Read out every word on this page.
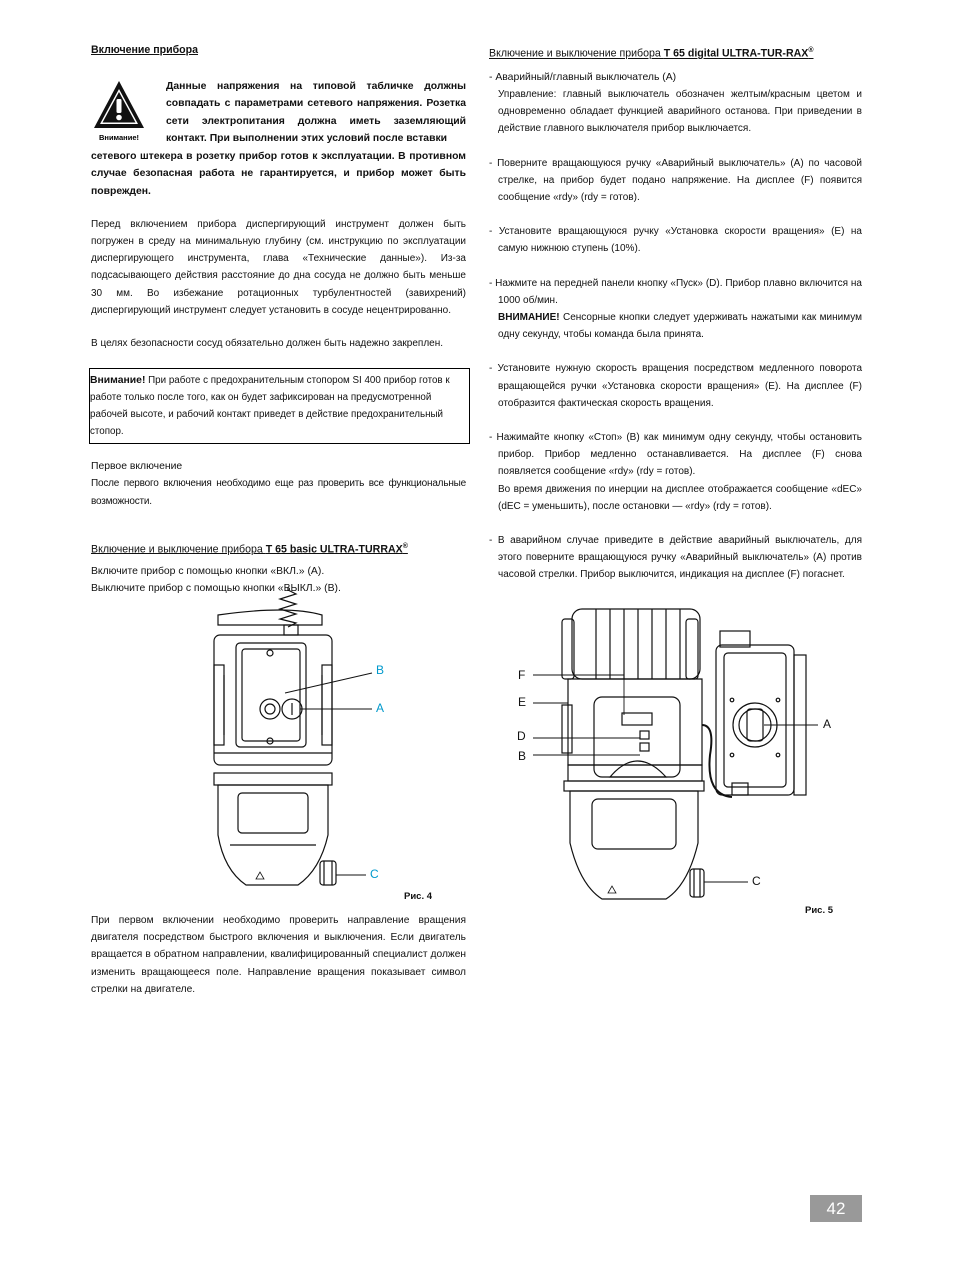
Включение прибора
Внимание!

Данные напряжения на типовой табличке должны совпадать с параметрами сетевого напряжения. Розетка сети электропитания должна иметь заземляющий контакт. При выполнении этих условий после вставки

сетевого штекера в розетку прибор готов к эксплуатации. В противном случае безопасная работа не гарантируется, и прибор может быть поврежден.

Перед включением прибора диспергирующий инструмент должен быть погружен в среду на минимальную глубину (см. инструкцию по эксплуатации диспергирующего инструмента, глава «Технические данные»). Из-за подсасывающего действия расстояние до дна сосуда не должно быть меньше 30 мм. Во избежание ротационных турбулентностей (завихрений) диспергирующий инструмент следует установить в сосуде нецентрированно.

В целях безопасности сосуд обязательно должен быть надежно закреплен.

Внимание! При работе с предохранительным стопором SI 400 прибор готов к работе только после того, как он будет зафиксирован на предусмотренной рабочей высоте, и рабочий контакт приведет в действие предохранительный стопор.
Первое включение

После первого включения необходимо еще раз проверить все функциональные возможности.

Включение и выключение прибора T 65 basic ULTRA-TURRAX®
Включите прибор с помощью кнопки «ВКЛ.» (A).
Выключите прибор с помощью кнопки «ВЫКЛ.» (B).
B
A
C
Рис. 4

При первом включении необходимо проверить направление вращения двигателя посредством быстрого включения и выключения. Если двигатель вращается в обратном направлении, квалифицированный специалист должен изменить вращающееся поле. Направление вращения показывает символ стрелки на двигателе.

Включение и выключение прибора T 65 digital ULTRA-TUR-RAX®
- Аварийный/главный выключатель (A)

Управление: главный выключатель обозначен желтым/красным цветом и одновременно обладает функцией аварийного останова. При приведении в действие главного выключателя прибор выключается.

- Поверните вращающуюся ручку «Аварийный выключатель» (A) по часовой стрелке, на прибор будет подано напряжение. На дисплее (F) появится сообщение «rdy» (rdy = готов).

- Установите вращающуюся ручку «Установка скорости вращения» (E) на самую нижнюю ступень (10%).

- Нажмите на передней панели кнопку «Пуск» (D). Прибор плавно включится на 1000 об/мин.

ВНИМАНИЕ! Сенсорные кнопки следует удерживать нажатыми как минимум одну секунду, чтобы команда была принята.

- Установите нужную скорость вращения посредством медленного поворота вращающейся ручки «Установка скорости вращения» (E). На дисплее (F) отобразится фактическая скорость вращения.

- Нажимайте кнопку «Стоп» (B) как минимум одну секунду, чтобы остановить прибор. Прибор медленно останавливается. На дисплее (F) снова появляется сообщение «rdy» (rdy = готов).

Во время движения по инерции на дисплее отображается сообщение «dEC» (dEC = уменьшить), после остановки — «rdy» (rdy = готов).

- В аварийном случае приведите в действие аварийный выключатель, для этого поверните вращающуюся ручку «Аварийный выключатель» (A) против часовой стрелки. Прибор выключится, индикация на дисплее (F) погаснет.

F
E
D
B
A
C
Рис. 5
42
